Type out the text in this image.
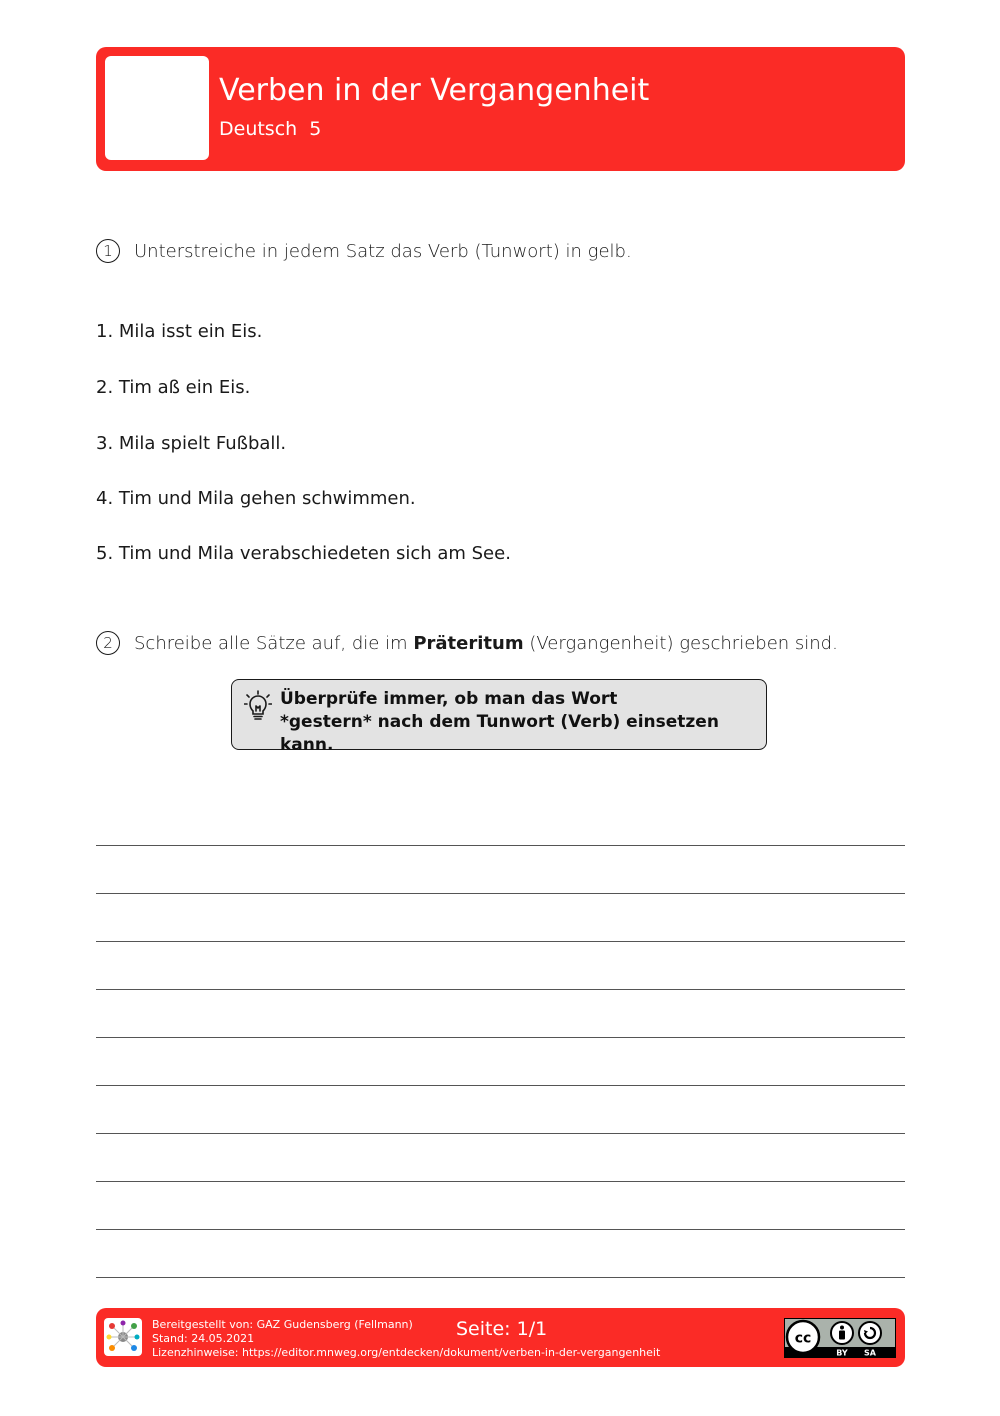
Verben in der Vergangenheit
Deutsch 5
1	Unterstreiche in jedem Satz das Verb (Tunwort) in gelb.
1. Mila isst ein Eis.
2. Tim aß ein Eis.
3. Mila spielt Fußball.
4. Tim und Mila gehen schwimmen.
5. Tim und Mila verabschiedeten sich am See.
2	Schreibe alle Sätze auf, die im
Präteritum
(Vergangenheit) geschrieben sind.
Überprüfe immer, ob man das Wort
*gestern* nach dem Tunwort (Verb) einsetzen kann.
Bereitgestellt von: GAZ Gudensberg (Fellmann)
Stand: 24.05.2021
Lizenzhinweise: https://editor.mnweg.org/entdecken/dokument/verben-in-der-vergangenheit
Seite: 1/1	cc
BY SA
